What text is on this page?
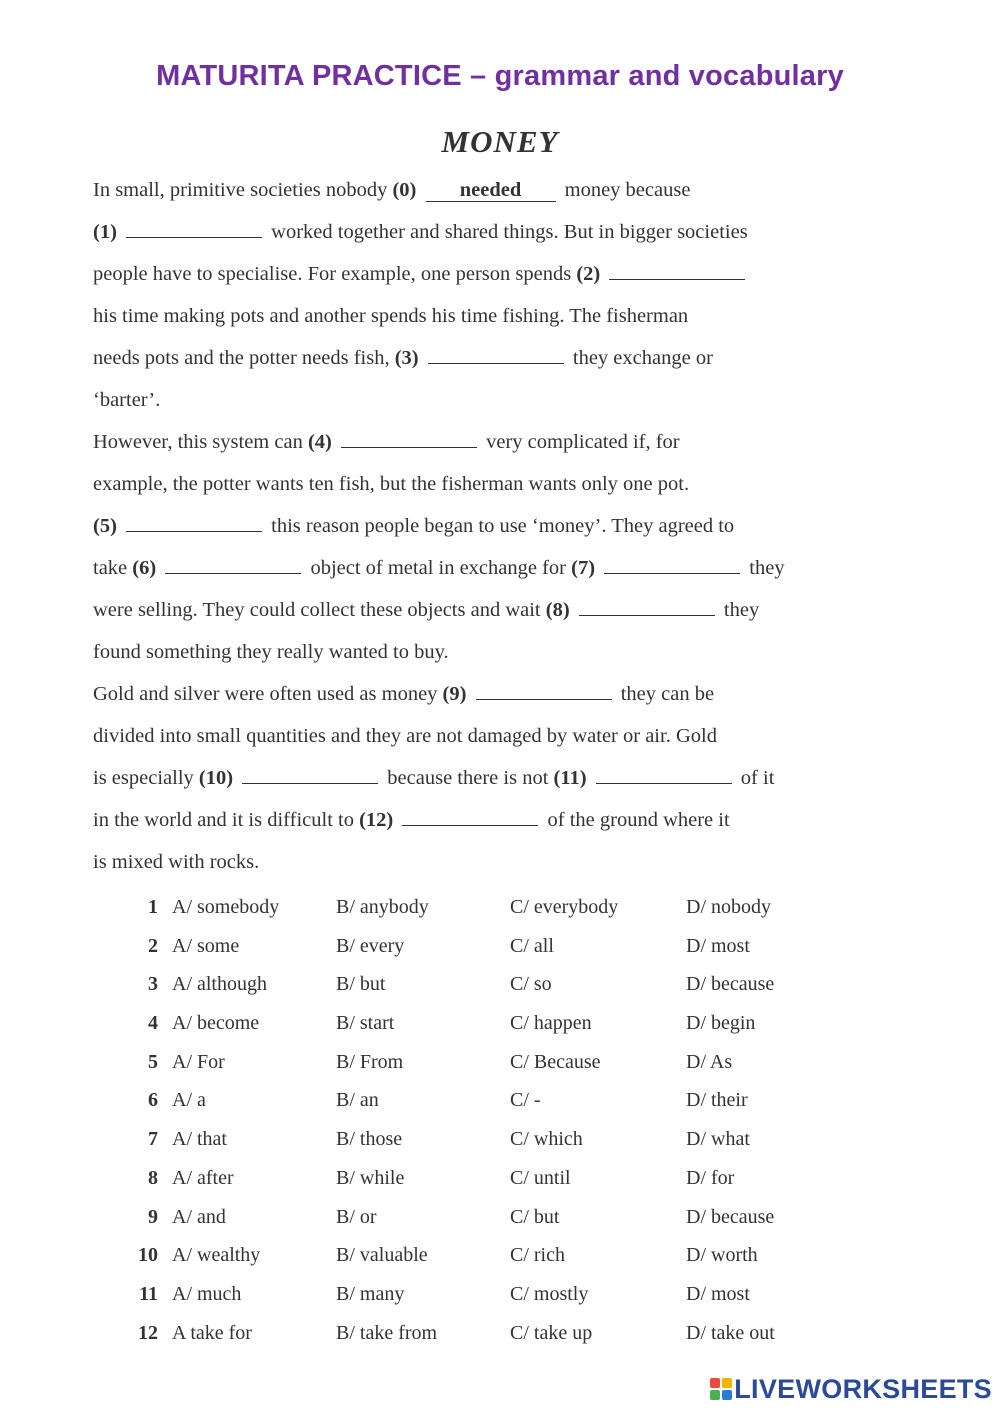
MATURITA PRACTICE – grammar and vocabulary
MONEY
In small, primitive societies nobody (0) needed money because
(1)	worked together and shared things. But in bigger societies
people have to specialise. For example, one person spends (2)
his time making pots and another spends his time fishing. The fisherman
needs pots and the potter needs fish, (3)	they exchange or
‘barter’.
However, this system can (4)	very complicated if, for
example, the potter wants ten fish, but the fisherman wants only one pot.
(5)	this reason people began to use ‘money’. They agreed to
take (6)	object of metal in exchange for (7)	they
were selling. They could collect these objects and wait (8)	they
found something they really wanted to buy.
Gold and silver were often used as money (9)	they can be
divided into small quantities and they are not damaged by water or air. Gold
is especially (10)	because there is not (11)	of it
in the world and it is difficult to (12)	of the ground where it
is mixed with rocks.
1 A/ somebody	B/ anybody	C/ everybody	D/ nobody
2 A/ some	B/ every	C/ all	D/ most
3 A/ although	B/ but	C/ so	D/ because
4 A/ become	B/ start	C/ happen	D/ begin
5 A/ For	B/ From	C/ Because	D/ As
6 A/ a	B/ an	C/ -	D/ their
7 A/ that	B/ those	C/ which	D/ what
8 A/ after	B/ while	C/ until	D/ for
9 A/ and	B/ or	C/ but	D/ because
10 A/ wealthy	B/ valuable	C/ rich	D/ worth
11 A/ much	B/ many	C/ mostly	D/ most
12 A take for	B/ take from	C/ take up	D/ take out
LIVEWORKSHEETS
